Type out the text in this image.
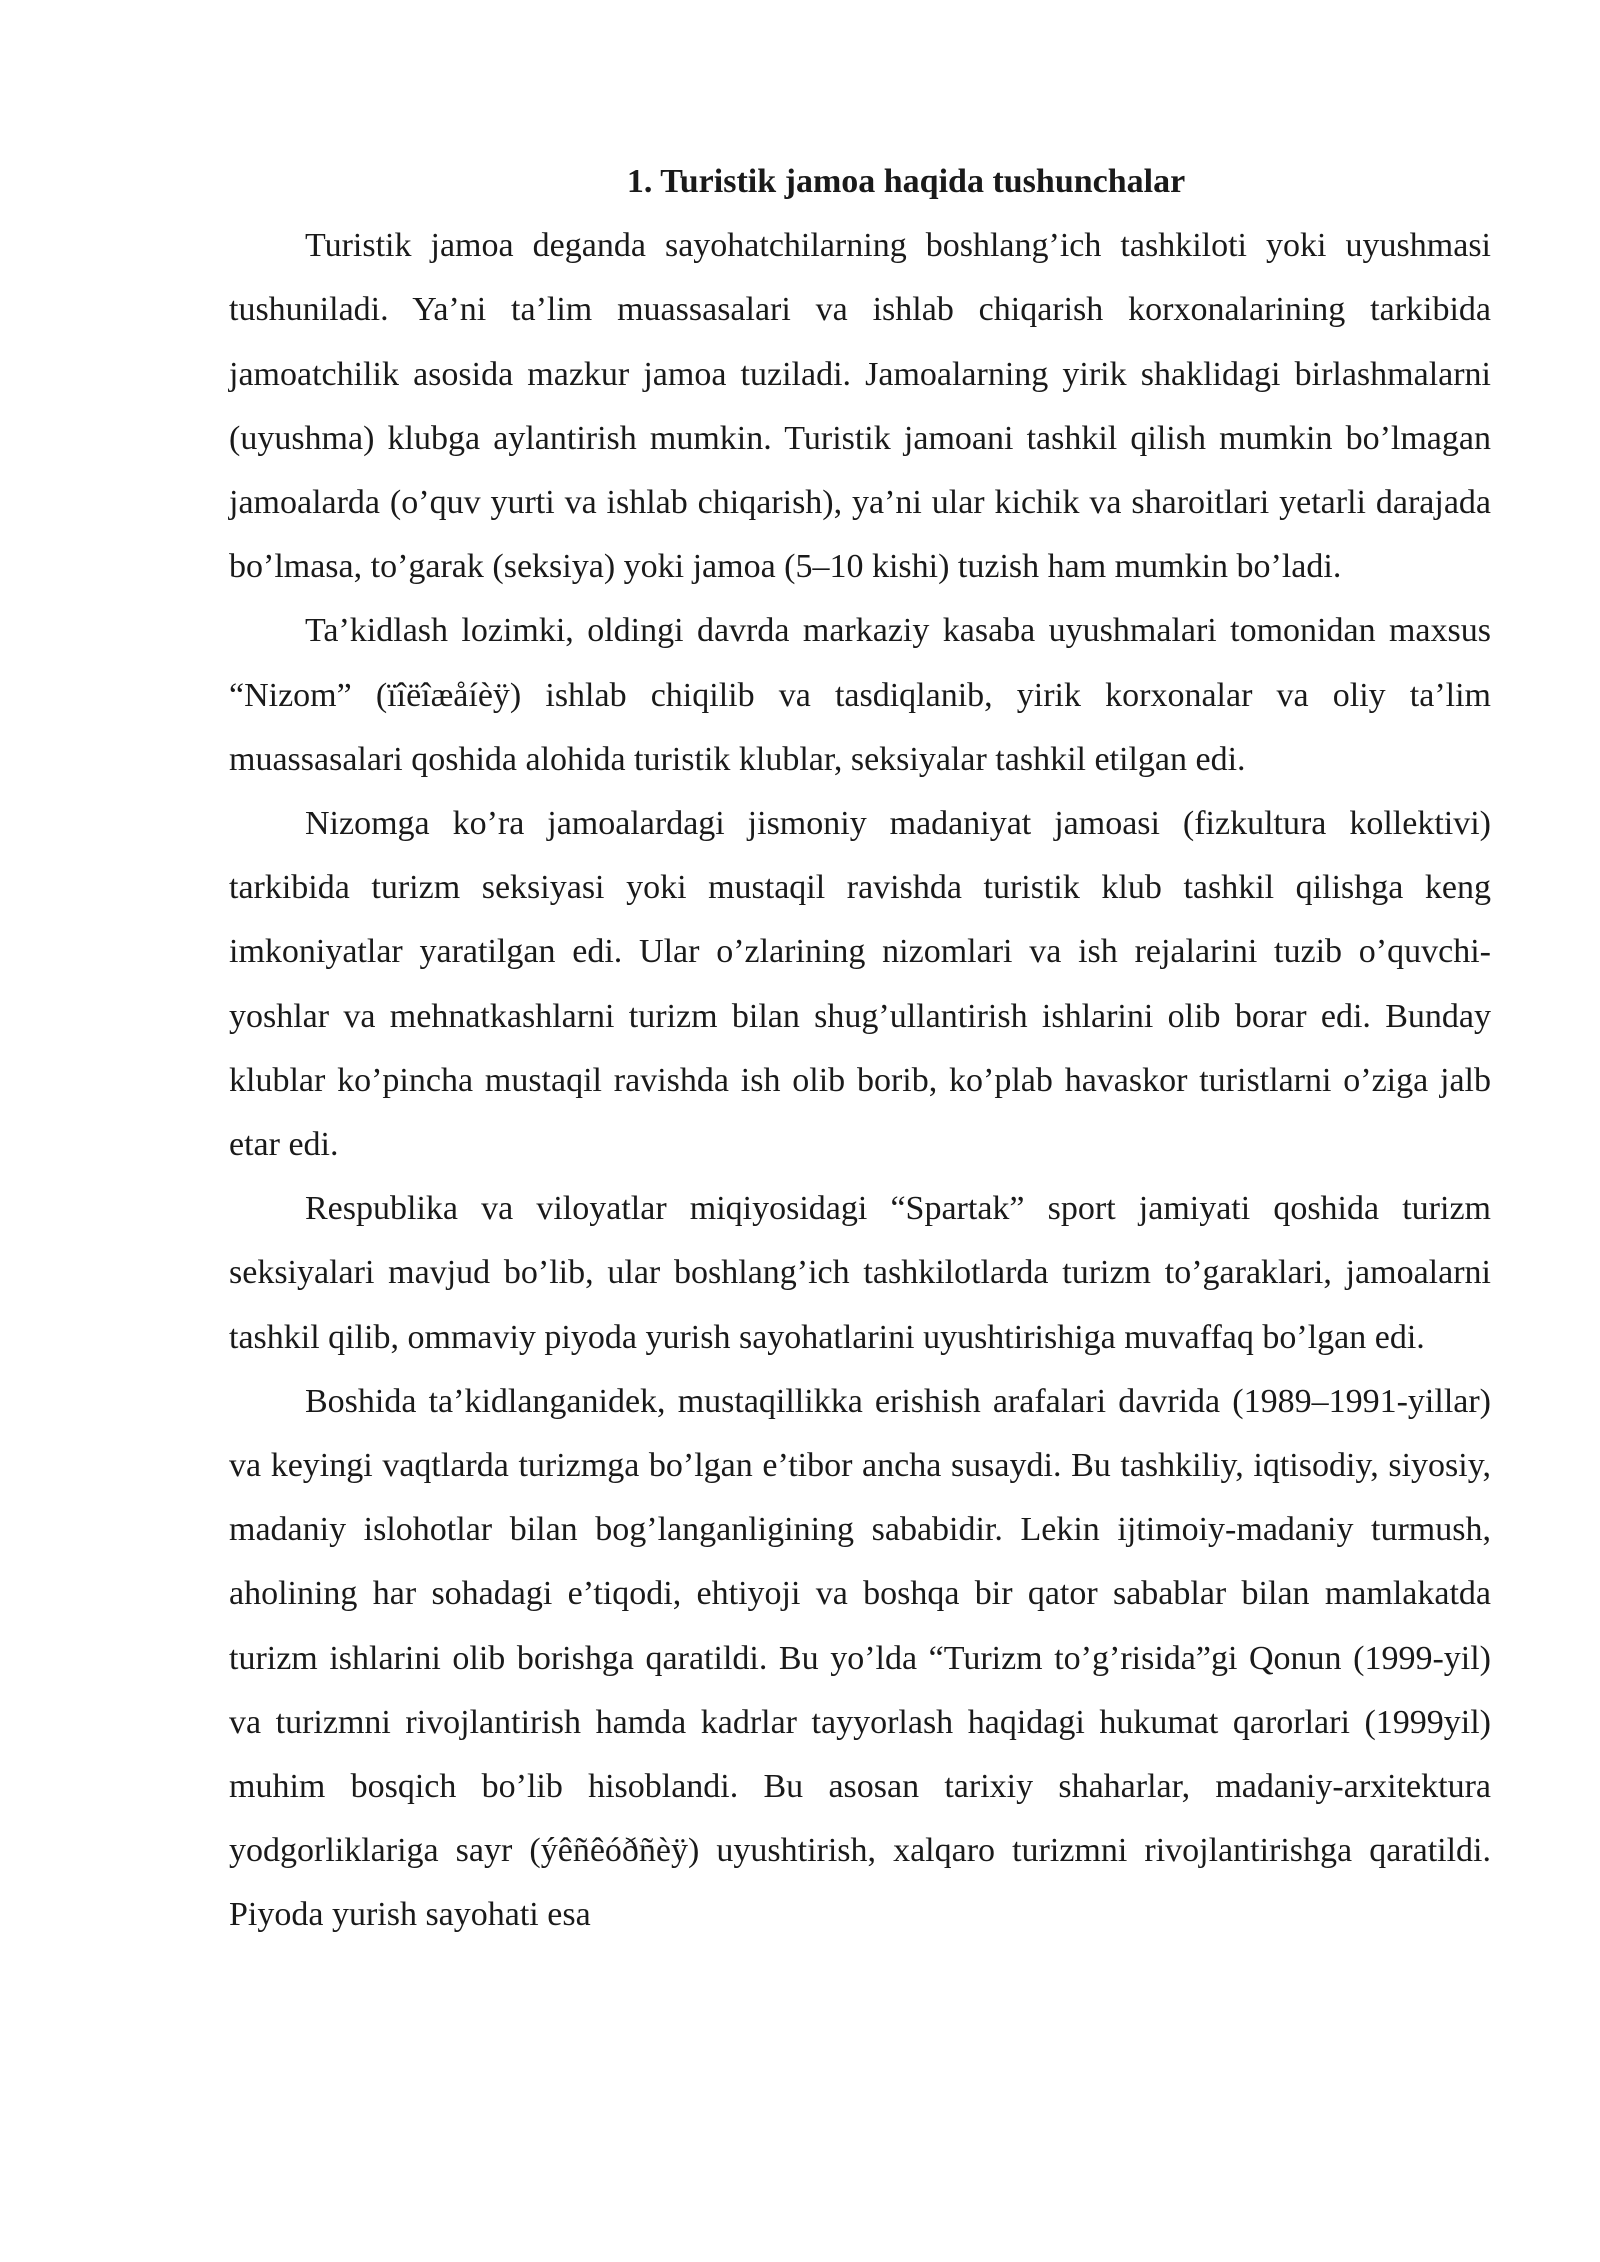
1. Turistik jamoa haqida tushunchalar

Turistik jamoa deganda sayohatchilarning boshlang’ich tashkiloti yoki uyushmasi tushuniladi. Ya’ni ta’lim muassasalari va ishlab chiqarish korxonalarining tarkibida jamoatchilik asosida mazkur jamoa tuziladi. Jamoalarning yirik shaklidagi birlashmalarni (uyushma) klubga aylantirish mumkin. Turistik jamoani tashkil qilish mumkin bo’lmagan jamoalarda (o’quv yurti va ishlab chiqarish), ya’ni ular kichik va sharoitlari yetarli darajada bo’lmasa, to’garak (seksiya) yoki jamoa (5–10 kishi) tuzish ham mumkin bo’ladi.

Ta’kidlash lozimki, oldingi davrda markaziy kasaba uyushmalari tomonidan maxsus “Nizom” (ïîëîæåíèÿ) ishlab chiqilib va tasdiqlanib, yirik korxonalar va oliy ta’lim muassasalari qoshida alohida turistik klublar, seksiyalar tashkil etilgan edi.

Nizomga ko’ra jamoalardagi jismoniy madaniyat jamoasi (fizkultura kollektivi) tarkibida turizm seksiyasi yoki mustaqil ravishda turistik klub tashkil qilishga keng imkoniyatlar yaratilgan edi. Ular o’zlarining nizomlari va ish rejalarini tuzib o’quvchi-yoshlar va mehnatkashlarni turizm bilan shug’ullantirish ishlarini olib borar edi. Bunday klublar ko’pincha mustaqil ravishda ish olib borib, ko’plab havaskor turistlarni o’ziga jalb etar edi.

Respublika va viloyatlar miqiyosidagi “Spartak” sport jamiyati qoshida turizm seksiyalari mavjud bo’lib, ular boshlang’ich tashkilotlarda turizm to’garaklari, jamoalarni tashkil qilib, ommaviy piyoda yurish sayohatlarini uyushtirishiga muvaffaq bo’lgan edi.

Boshida ta’kidlanganidek, mustaqillikka erishish arafalari davrida (1989–1991-yillar) va keyingi vaqtlarda turizmga bo’lgan e’tibor ancha susaydi. Bu tashkiliy, iqtisodiy, siyosiy, madaniy islohotlar bilan bog’langanligining sababidir. Lekin ijtimoiy-madaniy turmush, aholining har sohadagi e’tiqodi, ehtiyoji va boshqa bir qator sabablar bilan mamlakatda turizm ishlarini olib borishga qaratildi. Bu yo’lda “Turizm to’g’risida”gi Qonun (1999-yil) va turizmni rivojlantirish hamda kadrlar tayyorlash haqidagi hukumat qarorlari (1999yil) muhim bosqich bo’lib hisoblandi. Bu asosan tarixiy shaharlar, madaniy-arxitektura yodgorliklariga sayr (ýêñêóðñèÿ) uyushtirish, xalqaro turizmni rivojlantirishga qaratildi. Piyoda yurish sayohati esa
